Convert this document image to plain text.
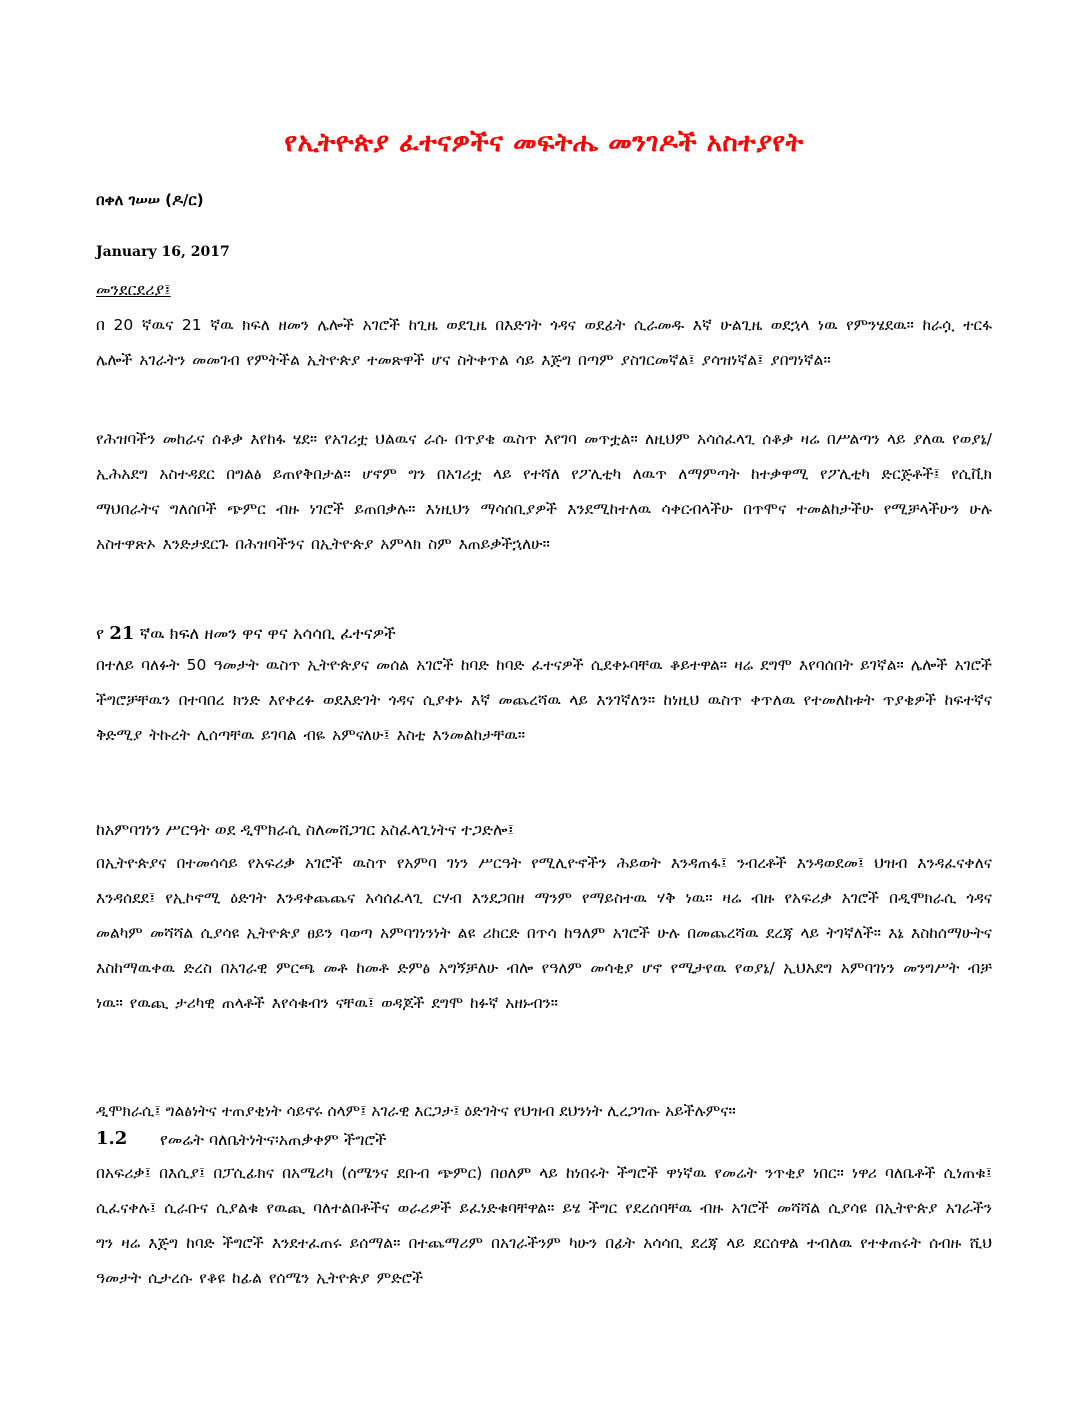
የኢትዮጵያ ፈተናዎችና መፍትሔ መንገዶች አስተያየት
በቀለ ገሠሠ (ዶ/ር)
January 16, 2017
መንደርደሪያ፤
በ 20 ኛዉና 21 ኛዉ ክፍለ ዘመን ሌሎች አገሮች ከጊዜ ወደጊዜ በእድገት ጎዳና ወደፊት ሲራመዱ እኛ ሁልጊዜ ወደኋላ ነዉ የምንሄደዉ። ከራሷ ተርፋ ሌሎች አገራትን መመገብ የምትችል ኢትዮጵያ ተመጽዋች ሆና ስትቀጥል ሳይ እጅግ በጣም ያስገርመኛል፤ ያሳዝነኛል፤ ያበግነኛል።
የሕዝባችን መከራና ሰቆቃ እየከፋ ሄደ። የአገሪቷ ህልዉና ራሱ በጥያቄ ዉስጥ እየገባ መጥቷል። ለዚህም አሳሰፈላጊ ሰቆቃ ዛሬ በሥልጣን ላይ ያለዉ የወያኔ/ኢሕአደግ አስተዳደር በግልፅ ይጠየቅበታል። ሆኖም ግን በአገሪቷ ላይ የተሻለ የፖሊቲካ ለዉጥ ለማምጣት ከተቃዋሚ የፖሊቲካ ድርጅቶች፤ የሲቪክ ማህበራትና ግለሰቦች ጭምር ብዙ ነገሮች ይጠበቃሉ። እነዚህን ማሳሰቢያዎች እንደሚከተለዉ ሳቀርብላችሁ በጥሞና ተመልከታችሁ የሚቻላችሁን ሁሉ አስተዋጽኦ እንድታደርጉ በሕዝባችንና በኢትዮጵያ አምላክ ስም እጠይቃችኋለሁ።
የ 21 ኛዉ ክፍለ ዘመን ዋና ዋና አሳሳቢ ፈተናዎች
በተለይ ባለፉት 50 ዓመታት ዉስጥ ኢትዮጵያና መሰል አገሮች ከባድ ከባድ ፈተናዎች ሲደቀኑባቸዉ ቆይተዋል። ዛሬ ደግሞ እየባሰበት ይገኛል። ሌሎች አገሮች ችግሮቻቸዉን በተባበረ ክንድ እየቀረፉ ወደእድገት ጎዳና ሲያቀኑ እኛ መጨረሻዉ ላይ እንገኛለን። ከነዚህ ዉስጥ ቀጥለዉ የተመለከቱት ጥያቄዎች ከፍተኛና ቅድሚያ ትኩረት ሊሰጣቸዉ ይገባል ብዬ አምናለሁ፤ እስቲ እንመልከታቸዉ።
ከአምባገነን ሥርዓት ወደ ዲሞክራሲ ስለመሸጋገር አስፈላጊነትና ተጋድሎ፤
በኢትዮጵያና በተመሳሳይ የአፍሪቃ አገሮች ዉስጥ የአምባ ገነን ሥርዓት የሚሊዮኖችን ሕይወት እንዳጠፋ፤ ንብረቶች እንዳወደመ፤ ህዝብ እንዳፈናቀለና እንዳሰደደ፤ የኢኮኖሚ ዕድገት እንዳቀጨጨና አሳሰፈላጊ ርሃብ እንደጋበዘ ማንም የማይስተዉ ሃቅ ነዉ። ዛሬ ብዙ የአፍሪቃ አገሮች በዲሞክራሲ ጎዳና መልካም መሻሻል ሲያሳዩ ኢትዮጵያ ፀይን ባወጣ አምባገነንነት ልዩ ሪከርድ በጥሳ ከዓለም አገሮች ሁሉ በመጨረሻዉ ደረጃ ላይ ትገኛለች። እኔ እስከሰማሁትና እስከማዉቀዉ ድረስ በአገራዊ ምርጫ መቶ ከመቶ ድምፅ አግኝቻለሁ ብሎ የዓለም መሳቂያ ሆኖ የሚታየዉ የወያኔ/ ኢህአደግ አምባገነን መንግሥት ብቻ ነዉ። የዉጪ ታሪካዊ ጠላቶች እየሳቁብን ናቸዉ፤ ወዳጆች ደግሞ ከፉኛ አዘኑብን።
ዲሞክራሲ፤ ግልፅነትና ተጠያቂነት ሳይኖሩ ሰላም፤ አገራዊ እርጋታ፤ ዕድገትና የህዝብ ደህንነት ሊረጋገጡ አይችሉምና።
1.2 የመሬት ባለቤትነትና፡አጠቃቀም ችግሮች
በአፍሪቃ፤ በእሲያ፤ በፓሲፊክና በአሜሪካ (ሰሜንና ደቡብ ጭምር) በዐለም ላይ ከነበሩት ችግሮች ዋነኛዉ የመሬት ንጥቂያ ነበር። ነዋሪ ባለቤቶች ሲነጠቁ፤ ሲፈናቀሉ፤ ሲራቡና ሲያልቁ የዉጪ ባለተልበቶችና ወራሪዎች ይፈነድቁባቸዋል። ይሄ ችግር የደረሰባቸዉ ብዙ አገሮች መሻሻል ሲያሳዩ በኢትዮጵያ አገራችን ግን ዛሬ እጅግ ከባድ ችግሮች እንደተፈጠሩ ይሰማል። በተጨማሪም በአገራችንም ካሁን በፊት አሳሳቢ ደረጃ ላይ ደርሰዋል ተብለዉ የተቀጠሩት ሰብዙ ሺህ ዓመታት ሲታረሱ የቆዩ ከፊል የሰሜን ኢትዮጵያ ምድሮች
